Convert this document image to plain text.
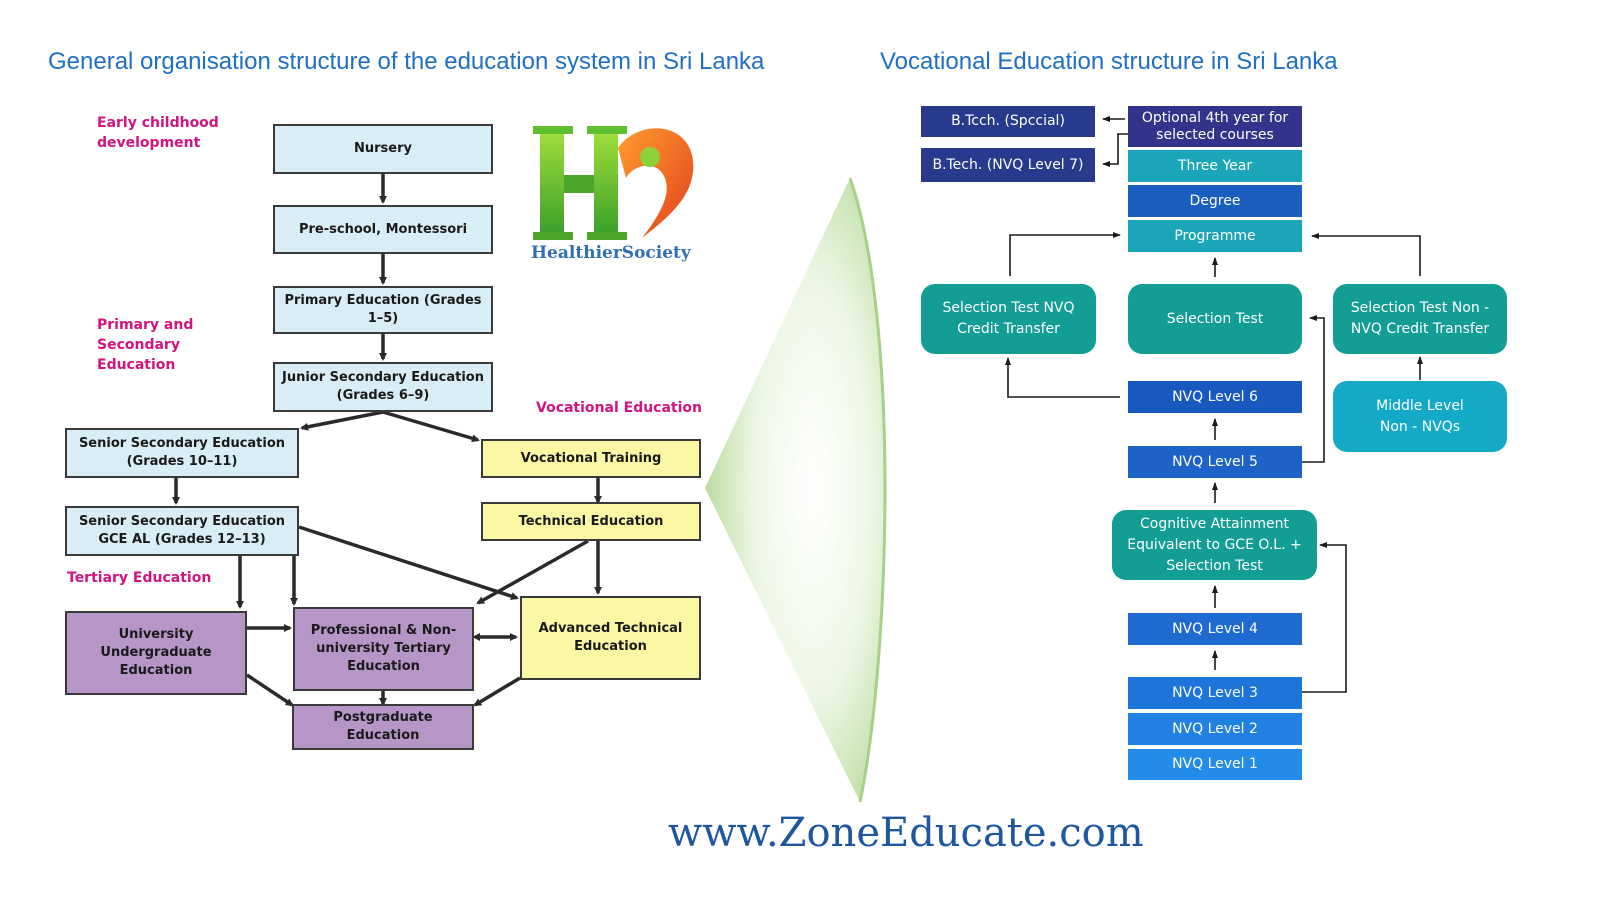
General organisation structure of the education system in Sri Lanka	Vocational Education structure in Sri Lanka
Early childhood development
Primary and Secondary Education
Vocational Education
Tertiary Education
Nursery
Pre-school, Montessori
Primary Education (Grades 1–5)
Junior Secondary Education (Grades 6–9)
Senior Secondary Education (Grades 10–11)
Senior Secondary Education GCE AL (Grades 12–13)
Vocational Training
Technical Education
Advanced Technical Education
University Undergraduate Education
Professional & Non-university Tertiary Education
Postgraduate Education
HealthierSociety
B.Tcch. (Spccial)
B.Tech. (NVQ Level 7)
Optional 4th year for selected courses
Three Year
Degree
Programme
Selection Test NVQ Credit Transfer
Selection Test
Selection Test Non - NVQ Credit Transfer
Middle Level Non - NVQs
NVQ Level 6
NVQ Level 5
Cognitive Attainment Equivalent to GCE O.L. + Selection Test
NVQ Level 4
NVQ Level 3
NVQ Level 2
NVQ Level 1
www.ZoneEducate.com
